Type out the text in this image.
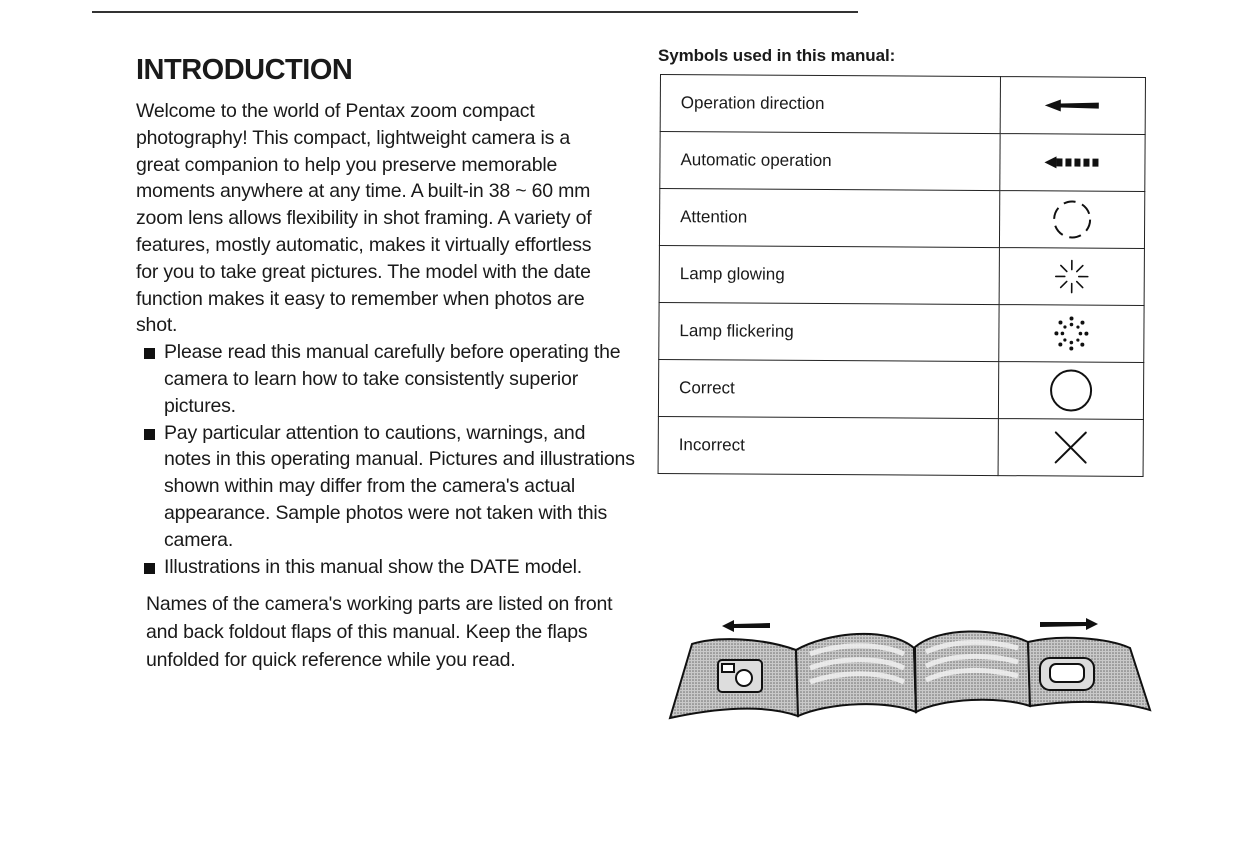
INTRODUCTION

Welcome to the world of Pentax zoom compact photography! This compact, lightweight camera is a great companion to help you preserve memorable moments anywhere at any time. A built-in 38 ~ 60 mm zoom lens allows flexibility in shot framing. A variety of features, mostly automatic, makes it virtually effortless for you to take great pictures. The model with the date function makes it easy to remember when photos are shot.

Please read this manual carefully before operating the camera to learn how to take consistently superior pictures.
Pay particular attention to cautions, warnings, and notes in this operating manual. Pictures and illustrations shown within may differ from the camera's actual appearance. Sample photos were not taken with this camera.
Illustrations in this manual show the DATE model.

Names of the camera's working parts are listed on front and back foldout flaps of this manual. Keep the flaps unfolded for quick reference while you read.

Symbols used in this manual:
Operation direction	

Automatic operation	

Attention	

Lamp glowing	

Lamp flickering	

Correct	

Incorrect	
